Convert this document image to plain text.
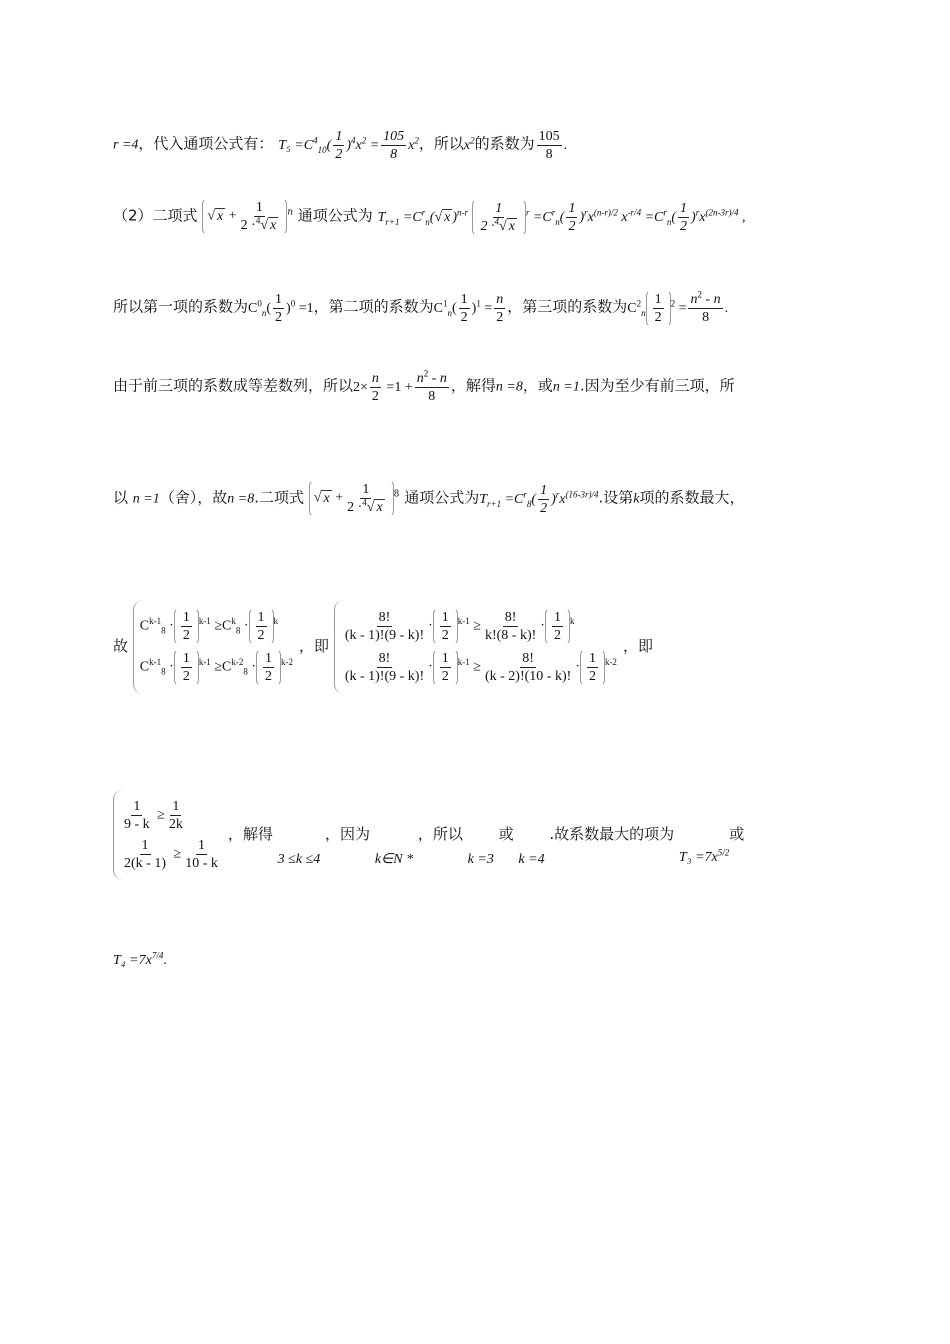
r =4，代入通项公式有： $T_5 =C^4_{10}( \frac{1}{2} )^4x^2 = \frac{105}{8} x^2$，所以$x^2$的系数为 $\frac{105}{8}$ .
（2）二项式 √ $x + \frac{1}{2 \cdot^4√ x} ^n$ 通项公式为 $T_{r+1} =C^r_n(√$ x )$^{n-r} \frac{1}{2 \cdot^4√ x} ^r =C^r_n( \frac{1}{2} )^rx^{(n-r)/2}$ $x^{-r/4} =C^r_n( \frac{1}{2} )^rx^{(2n-3r)/4}$ ,
所以第一项的系数为$C^0_n( \frac{1}{2} )^0 =1$，第二项的系数为$C^1_n( \frac{1}{2} )^1 = \frac{n}{2}$ ，第三项的系数为$C^2_n \frac{1}{2} ^2 = \frac{n^2 - n}{8}$ .
由于前三项的系数成等差数列，所以$2\times \frac{n}{2} =1 + \frac{n^2 - n}{8}$ ，解得n =8，或n =1.因为至少有前三项，所
以 n =1（舍），故n =8.二项式 √ $x + \frac{1}{2 \cdot^4√ x} ^8$ 通项公式为$T_{r+1} =C^r_8( \frac{1}{2} )^rx^{(16-3r)/4}$.设第k项的系数最大，
故
$C^{k-1}_8 \cdot \frac{1}{2} ^{k-1} \ge C^k_8 \cdot \frac{1}{2} ^k$
$C^{k-1}_8 \cdot \frac{1}{2} ^{k-1} \ge C^{k-2}_8 \cdot \frac{1}{2} ^{k-2}$
，即
$\frac{8!}{(k - 1)!(9 - k)!} \cdot \frac{1}{2} ^{k-1} \ge \frac{8!}{k!(8 - k)!} \cdot \frac{1}{2} ^k$
$\frac{8!}{(k - 1)!(9 - k)!} \cdot \frac{1}{2} ^{k-1} \ge \frac{8!}{(k - 2)!(10 - k)!} \cdot \frac{1}{2} ^{k-2}$
，即
$\frac{1}{9 - k} \ge \frac{1}{2k}$
$\frac{1}{2(k - 1)} \ge \frac{1}{10 - k}$
，解得 3 ≤k ≤4 ，因为 k∈N * ，所以 k =3 或 k =4 .故系数最大的项为 $T_3 =7x^{5/2}$或
$T_4 =7x^{7/4}$.
